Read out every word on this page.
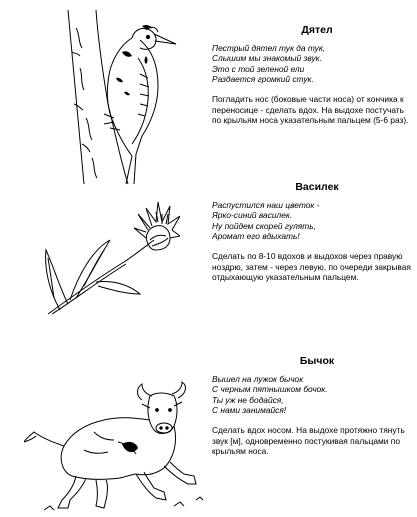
Дятел
Пестрый дятел тук да тук,
Слышим мы знакомый звук.
Это с той зеленой ели
Раздается громкий стук.

Погладить нос (боковые части носа) от кончика к переносице - сделать вдох. На выдохе постучать по крыльям носа указательным пальцем (5-6 раз).

Василек
Распустился наш цветок -
Ярко-синий василек.
Ну пойдем скорей гулять,
Аромат его вдыхать!

Сделать по 8-10 вдохов и выдохов через правую ноздрю, затем - через левую, по очереди закрывая отдыхающую указательным пальцем.

Бычок
Вышел на лужок бычок
С черным пятнышком бочок.
Ты уж не бодайся,
С нами занимайся!

Сделать вдох носом. На выдохе протяжно тянуть звук [м], одновременно постукивая пальцами по крыльям носа.
